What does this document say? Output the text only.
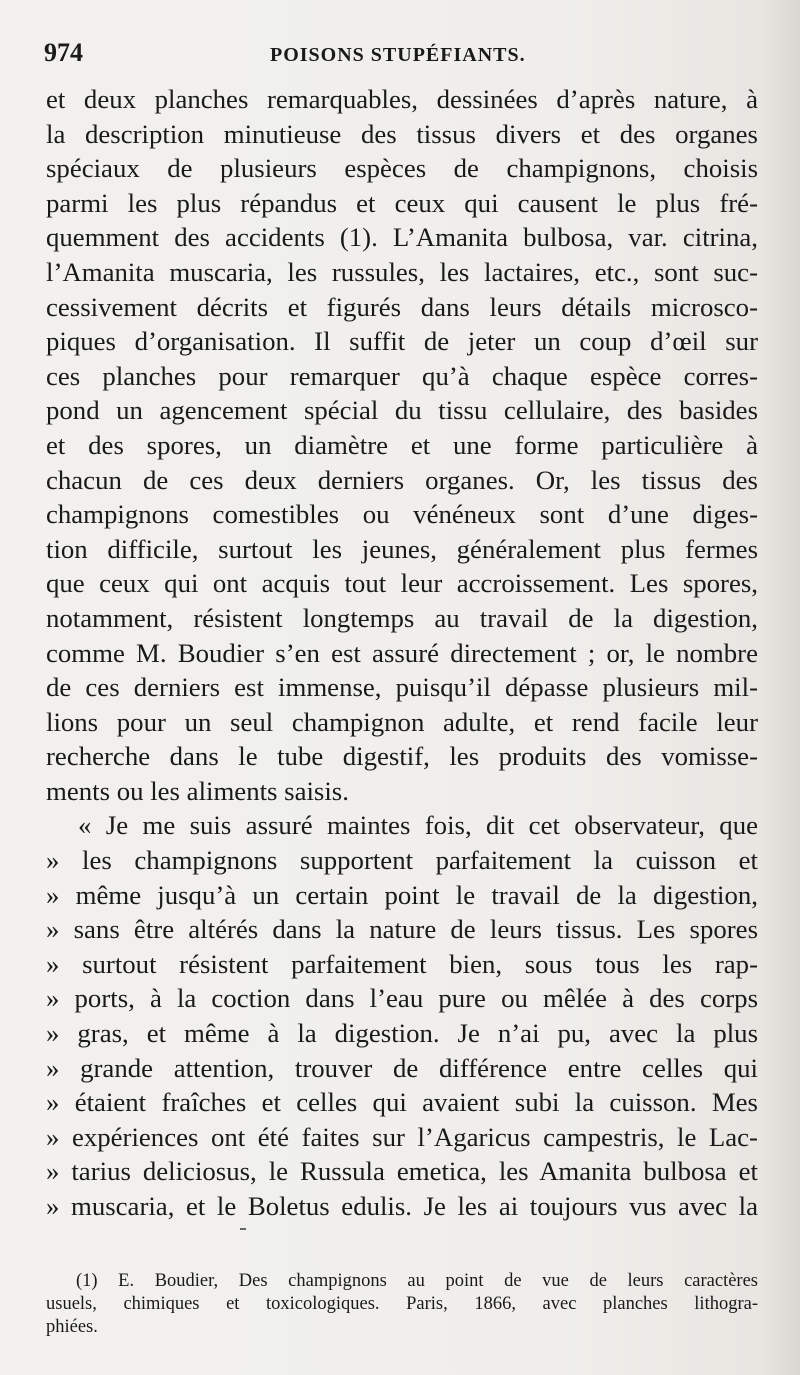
974	POISONS STUPÉFIANTS.
et deux planches remarquables, dessinées d’après nature, à
la description minutieuse des tissus divers et des organes
spéciaux de plusieurs espèces de champignons, choisis
parmi les plus répandus et ceux qui causent le plus fré-
quemment des accidents (1). L’Amanita bulbosa, var. citrina,
l’Amanita muscaria, les russules, les lactaires, etc., sont suc-
cessivement décrits et figurés dans leurs détails microsco-
piques d’organisation. Il suffit de jeter un coup d’œil sur
ces planches pour remarquer qu’à chaque espèce corres-
pond un agencement spécial du tissu cellulaire, des basides
et des spores, un diamètre et une forme particulière à
chacun de ces deux derniers organes. Or, les tissus des
champignons comestibles ou vénéneux sont d’une diges-
tion difficile, surtout les jeunes, généralement plus fermes
que ceux qui ont acquis tout leur accroissement. Les spores,
notamment, résistent longtemps au travail de la digestion,
comme M. Boudier s’en est assuré directement ; or, le nombre
de ces derniers est immense, puisqu’il dépasse plusieurs mil-
lions pour un seul champignon adulte, et rend facile leur
recherche dans le tube digestif, les produits des vomisse-
ments ou les aliments saisis.
« Je me suis assuré maintes fois, dit cet observateur, que
» les champignons supportent parfaitement la cuisson et
» même jusqu’à un certain point le travail de la digestion,
» sans être altérés dans la nature de leurs tissus. Les spores
» surtout résistent parfaitement bien, sous tous les rap-
» ports, à la coction dans l’eau pure ou mêlée à des corps
» gras, et même à la digestion. Je n’ai pu, avec la plus
» grande attention, trouver de différence entre celles qui
» étaient fraîches et celles qui avaient subi la cuisson. Mes
» expériences ont été faites sur l’Agaricus campestris, le Lac-
» tarius deliciosus, le Russula emetica, les Amanita bulbosa et
» muscaria, et le Boletus edulis. Je les ai toujours vus avec la
(1) E. Boudier, Des champignons au point de vue de leurs caractères
usuels, chimiques et toxicologiques. Paris, 1866, avec planches lithogra-
phiées.
